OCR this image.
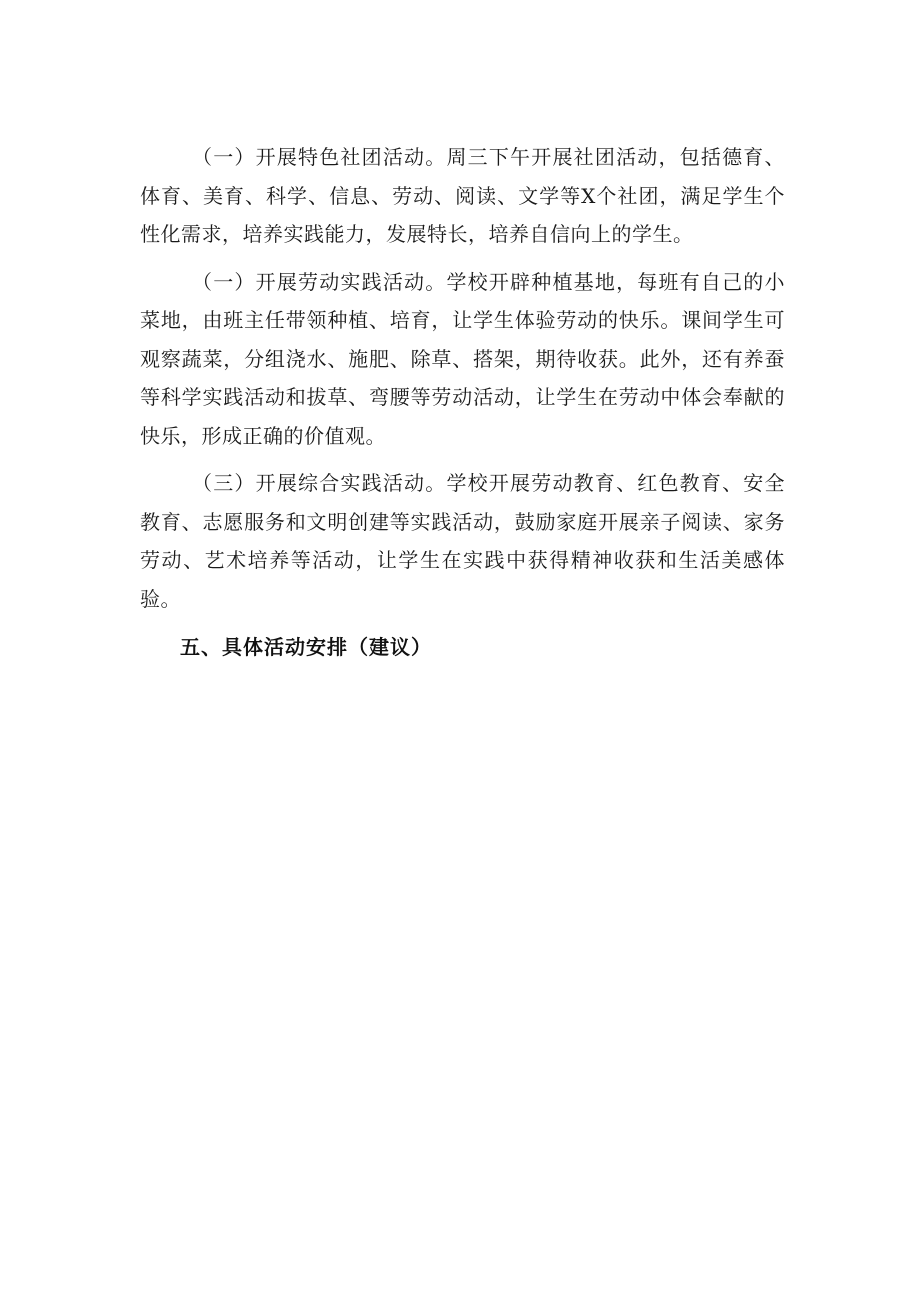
（一）开展特色社团活动。周三下午开展社团活动，包括德育、体育、美育、科学、信息、劳动、阅读、文学等X个社团，满足学生个性化需求，培养实践能力，发展特长，培养自信向上的学生。

（一）开展劳动实践活动。学校开辟种植基地，每班有自己的小菜地，由班主任带领种植、培育，让学生体验劳动的快乐。课间学生可观察蔬菜，分组浇水、施肥、除草、搭架，期待收获。此外，还有养蚕等科学实践活动和拔草、弯腰等劳动活动，让学生在劳动中体会奉献的快乐，形成正确的价值观。

（三）开展综合实践活动。学校开展劳动教育、红色教育、安全教育、志愿服务和文明创建等实践活动，鼓励家庭开展亲子阅读、家务劳动、艺术培养等活动，让学生在实践中获得精神收获和生活美感体验。

五、具体活动安排（建议）
